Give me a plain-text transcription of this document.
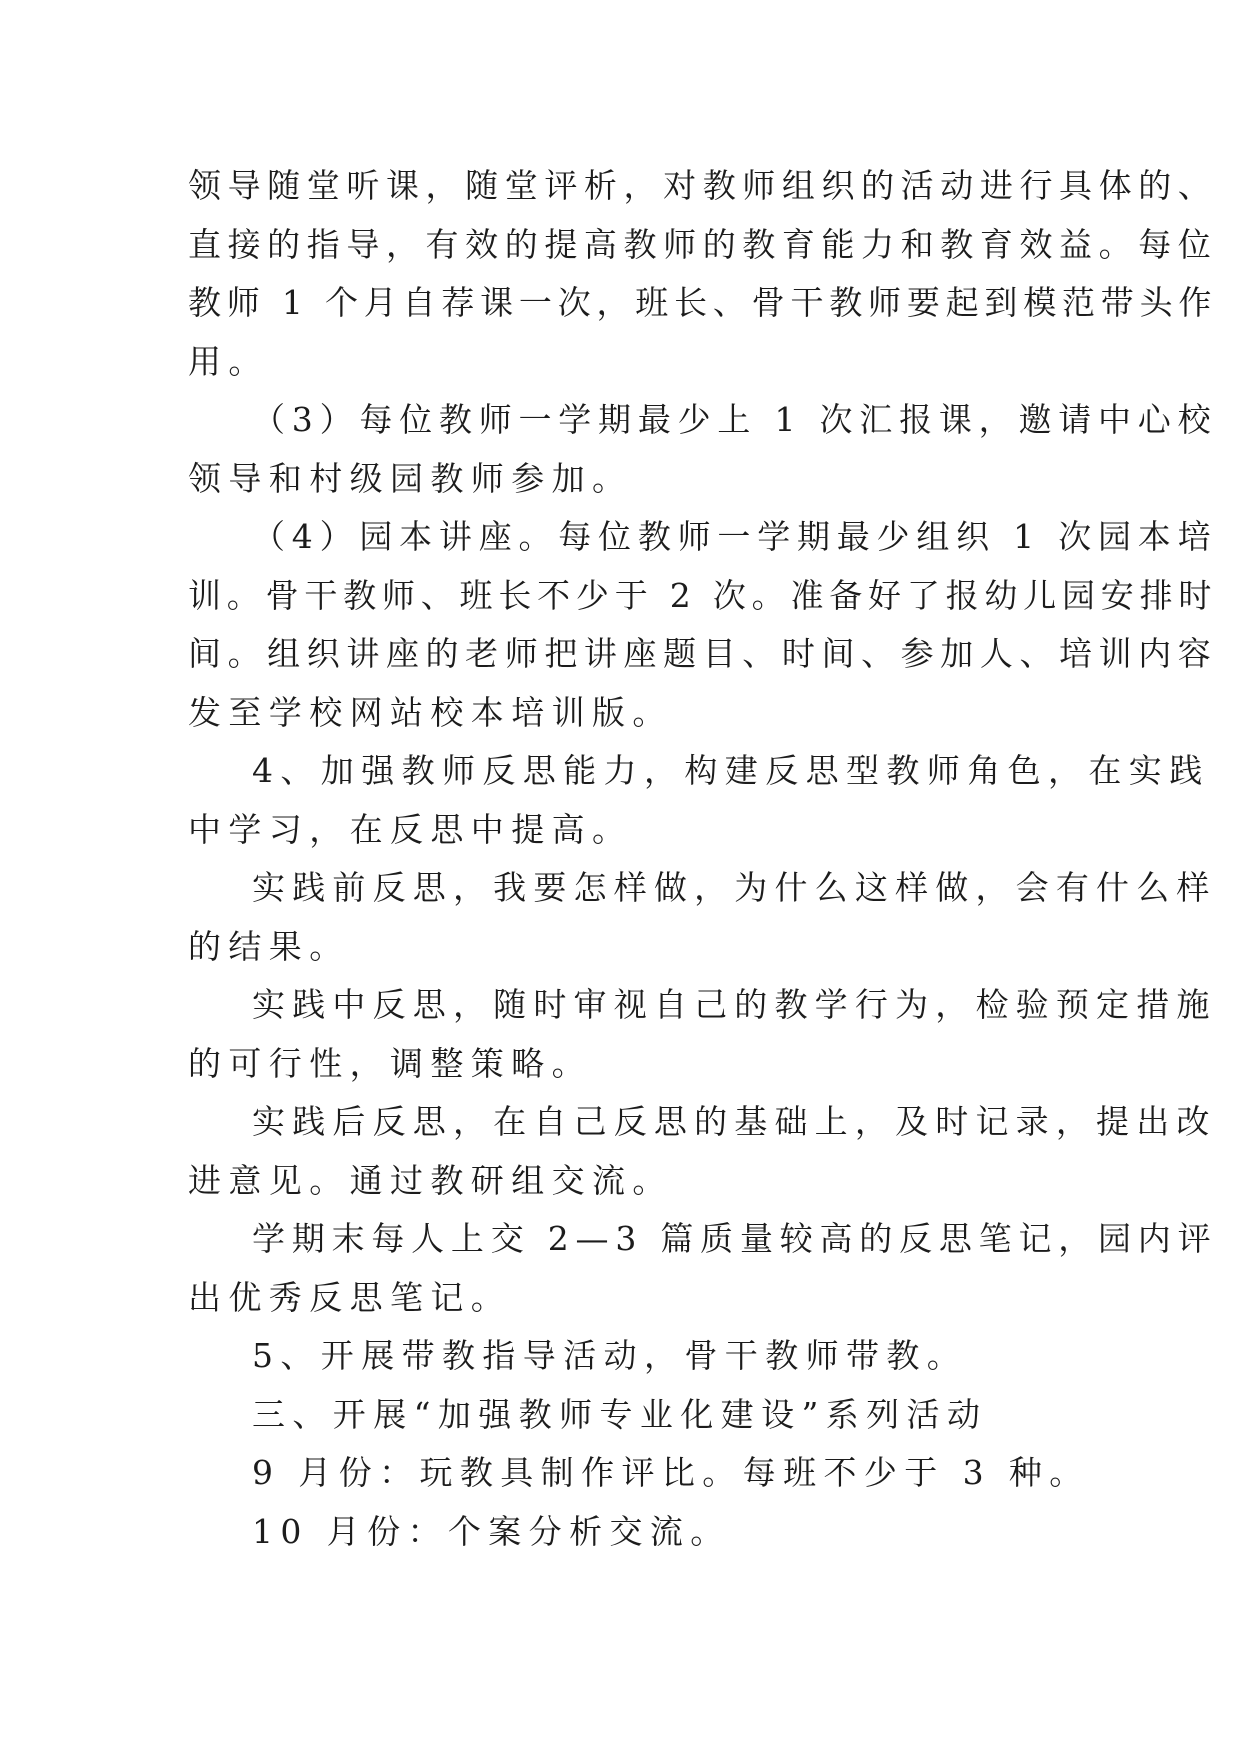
领导随堂听课，随堂评析，对教师组织的活动进行具体的、
直接的指导，有效的提高教师的教育能力和教育效益。每位
教师 1 个月自荐课一次，班长、骨干教师要起到模范带头作
用。
（3）每位教师一学期最少上 1 次汇报课，邀请中心校
领导和村级园教师参加。
（4）园本讲座。每位教师一学期最少组织 1 次园本培
训。骨干教师、班长不少于 2 次。准备好了报幼儿园安排时
间。组织讲座的老师把讲座题目、时间、参加人、培训内容
发至学校网站校本培训版。
4、加强教师反思能力，构建反思型教师角色，在实践
中学习，在反思中提高。
实践前反思，我要怎样做，为什么这样做，会有什么样
的结果。
实践中反思，随时审视自己的教学行为，检验预定措施
的可行性，调整策略。
实践后反思，在自己反思的基础上，及时记录，提出改
进意见。通过教研组交流。
学期末每人上交 2—3 篇质量较高的反思笔记，园内评
出优秀反思笔记。
5、开展带教指导活动，骨干教师带教。
三、开展“加强教师专业化建设”系列活动
9 月份：玩教具制作评比。每班不少于 3 种。
10 月份：个案分析交流。
